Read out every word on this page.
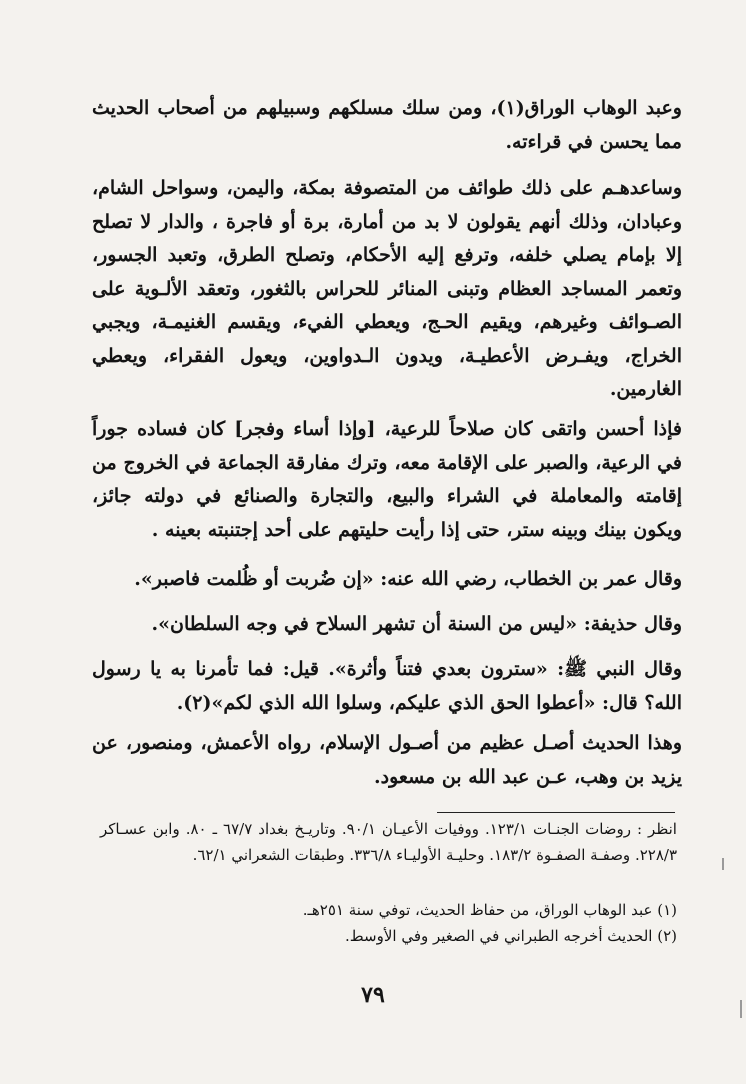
وعبد الوهاب الوراق(١)، ومن سلك مسلكهم وسبيلهم من أصحاب الحديث مما يحسن في قراءته.

وساعدهـم على ذلك طوائف من المتصوفة بمكة، واليمن، وسواحل الشام، وعبادان، وذلك أنهم يقولون لا بد من أمارة، برة أو فاجرة ، والدار لا تصلح إلا بإمام يصلي خلفه، وترفع إليه الأحكام، وتصلح الطرق، وتعبد الجسور، وتعمر المساجد العظام وتبنى المنائر للحراس بالثغور، وتعقد الألـوية على الصـوائف وغيرهم، ويقيم الحـج، ويعطي الفيء، ويقسم الغنيمـة، ويجبي الخراج، ويفـرض الأعطيـة، ويدون الـدواوين، ويعول الفقراء، ويعطي الغارمين.

فإذا أحسن واتقى كان صلاحاً للرعية، [وإذا أساء وفجر] كان فساده جوراً في الرعية، والصبر على الإقامة معه، وترك مفارقة الجماعة في الخروج من إقامته والمعاملة في الشراء والبيع، والتجارة والصنائع في دولته جائز، ويكون بينك وبينه ستر، حتى إذا رأيت حليتهم على أحد إجتنبته بعينه .

وقال عمر بن الخطاب، رضي الله عنه: «إن ضُربت أو ظُلمت فاصبر».

وقال حذيفة: «ليس من السنة أن تشهر السلاح في وجه السلطان».

وقال النبي ﷺ: «سترون بعدي فتناً وأثرة». قيل: فما تأمرنا به يا رسول الله؟ قال: «أعطوا الحق الذي عليكم، وسلوا الله الذي لكم»(٢).

وهذا الحديث أصـل عظيم من أصـول الإسلام، رواه الأعمش، ومنصور، عن يزيد بن وهب، عـن عبد الله بن مسعود.

انظر : روضات الجنـات ١٢٣/١. ووفيات الأعيـان ٩٠/١. وتاريـخ بغداد ٦٧/٧ ـ ٨٠. وابن عسـاكر ٢٢٨/٣. وصفـة الصفـوة ١٨٣/٢. وحليـة الأوليـاء ٣٣٦/٨. وطبقات الشعراني ٦٢/١.

(١) عبد الوهاب الوراق، من حفاظ الحديث، توفي سنة ٢٥١هـ.

(٢) الحديث أخرجه الطبراني في الصغير وفي الأوسط.

٧٩
